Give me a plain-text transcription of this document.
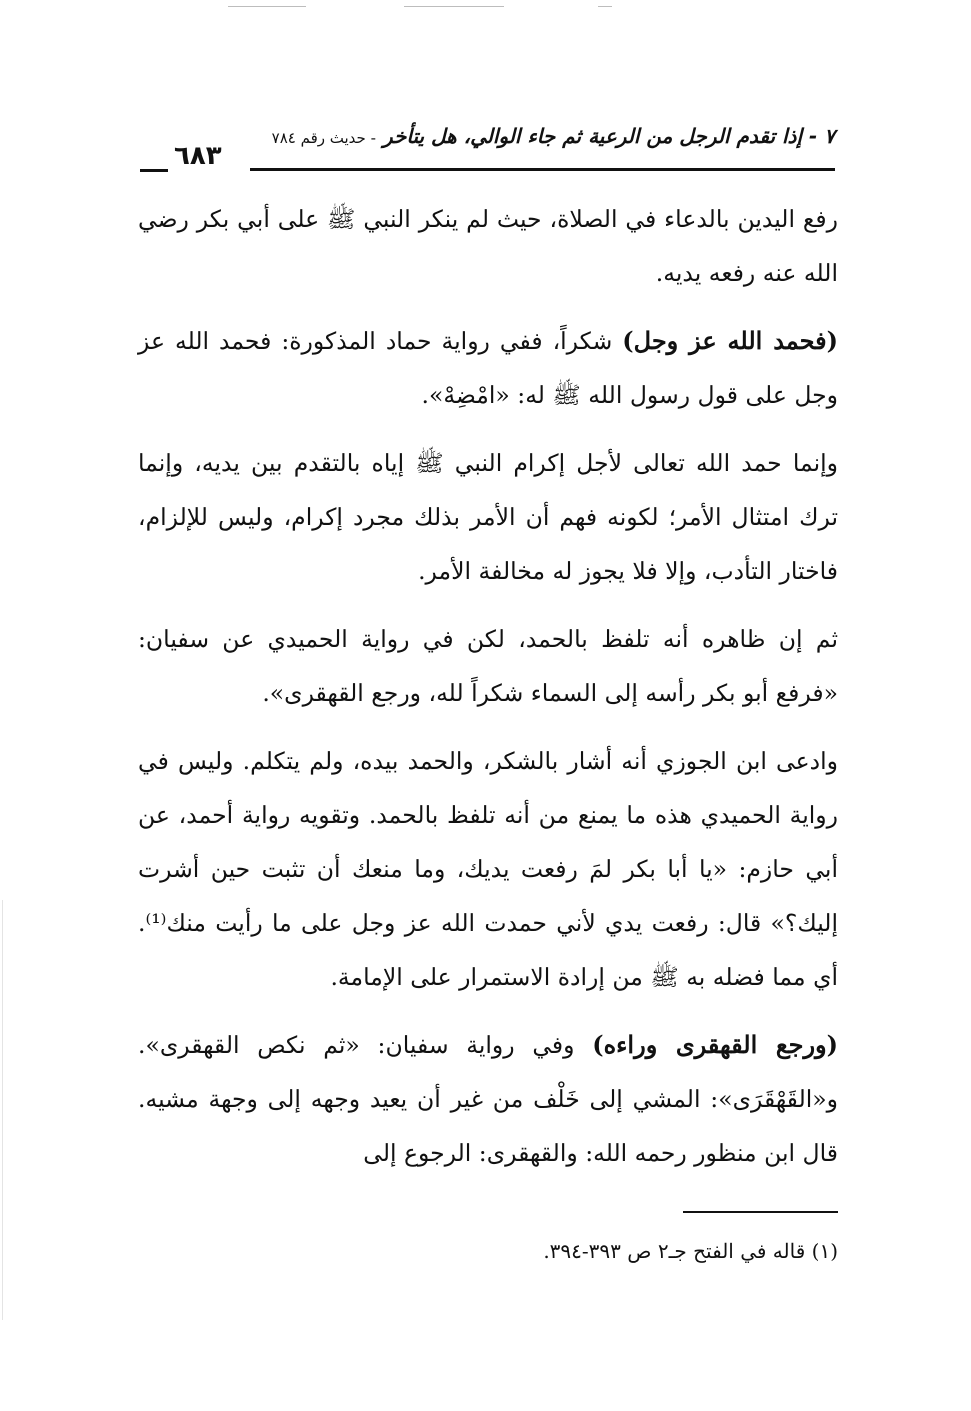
٧ - إذا تقدم الرجل من الرعية ثم جاء الوالي، هل يتأخر - حديث رقم ٧٨٤
٦٨٣

رفع اليدين بالدعاء في الصلاة، حيث لم ينكر النبي ﷺ على أبي بكر رضي الله عنه رفعه يديه.

(فحمد الله عز وجل) شكراً، ففي رواية حماد المذكورة: فحمد الله عز وجل على قول رسول الله ﷺ له: «امْضِهْ».

وإنما حمد الله تعالى لأجل إكرام النبي ﷺ إياه بالتقدم بين يديه، وإنما ترك امتثال الأمر؛ لكونه فهم أن الأمر بذلك مجرد إكرام، وليس للإلزام، فاختار التأدب، وإلا فلا يجوز له مخالفة الأمر.

ثم إن ظاهره أنه تلفظ بالحمد، لكن في رواية الحميدي عن سفيان: «فرفع أبو بكر رأسه إلى السماء شكراً لله، ورجع القهقرى».

وادعى ابن الجوزي أنه أشار بالشكر، والحمد بيده، ولم يتكلم. وليس في رواية الحميدي هذه ما يمنع من أنه تلفظ بالحمد. وتقويه رواية أحمد، عن أبي حازم: «يا أبا بكر لمَ رفعت يديك، وما منعك أن تثبت حين أشرت إليك؟» قال: رفعت يدي لأني حمدت الله عز وجل على ما رأيت منك⁽¹⁾. أي مما فضله به ﷺ من إرادة الاستمرار على الإمامة.

(ورجع القهقرى وراءه) وفي رواية سفيان: «ثم نكص القهقرى». و«القَهْقَرَى»: المشي إلى خَلْف من غير أن يعيد وجهه إلى وجهة مشيه. قال ابن منظور رحمه الله: والقهقرى: الرجوع إلى

(١) قاله في الفتح جـ٢ ص ٣٩٣-٣٩٤.
